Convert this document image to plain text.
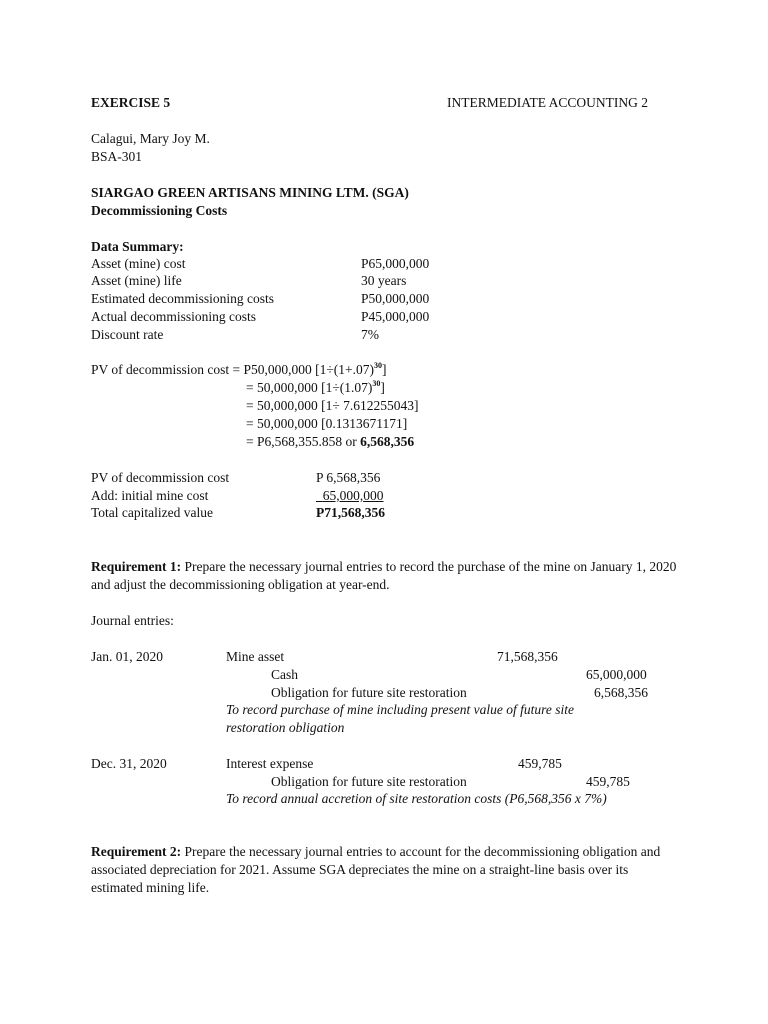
EXERCISE 5	INTERMEDIATE ACCOUNTING 2
Calagui, Mary Joy M.
BSA-301
SIARGAO GREEN ARTISANS MINING LTM. (SGA)
Decommissioning Costs
Data Summary:
Asset (mine) cost	P65,000,000
Asset (mine) life	30 years
Estimated decommissioning costs	P50,000,000
Actual decommissioning costs	P45,000,000
Discount rate	7%
PV of decommission cost = P50,000,000 $[1\div(1+.07)^{30}]$
= 50,000,000 $[1\div(1.07)^{30}]$
= 50,000,000 [1÷ 7.612255043]
= 50,000,000 [0.1313671171]
= P6,568,355.858 or 6,568,356
PV of decommission cost	P 6,568,356
Add: initial mine cost	65,000,000
Total capitalized value	P71,568,356
Requirement 1: Prepare the necessary journal entries to record the purchase of the mine on January 1, 2020 and adjust the decommissioning obligation at year-end.
Journal entries:
Jan. 01, 2020	Mine asset	71,568,356
Cash	65,000,000
Obligation for future site restoration	6,568,356
To record purchase of mine including present value of future site
restoration obligation
Dec. 31, 2020	Interest expense	459,785
Obligation for future site restoration	459,785
To record annual accretion of site restoration costs (P6,568,356 x 7%)
Requirement 2: Prepare the necessary journal entries to account for the decommissioning obligation and associated depreciation for 2021. Assume SGA depreciates the mine on a straight-line basis over its estimated mining life.
